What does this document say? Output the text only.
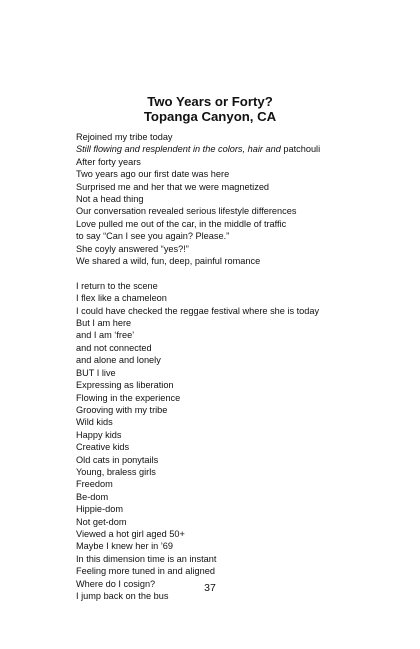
Two Years or Forty?
Topanga Canyon, CA
Rejoined my tribe today
Still flowing and resplendent in the colors, hair and patchouli
After forty years
Two years ago our first date was here
Surprised me and her that we were magnetized
Not a head thing
Our conversation revealed serious lifestyle differences
Love pulled me out of the car, in the middle of traffic
to say “Can I see you again? Please.”
She coyly answered “yes?!”
We shared a wild, fun, deep, painful romance
I return to the scene
I flex like a chameleon
I could have checked the reggae festival where she is today
But I am here
and I am ‘free’
and not connected
and alone and lonely
BUT I live
Expressing as liberation
Flowing in the experience
Grooving with my tribe
Wild kids
Happy kids
Creative kids
Old cats in ponytails
Young, braless girls
Freedom
Be-dom
Hippie-dom
Not get-dom
Viewed a hot girl aged 50+
Maybe I knew her in ’69
In this dimension time is an instant
Feeling more tuned in and aligned
Where do I cosign?
I jump back on the bus
37
